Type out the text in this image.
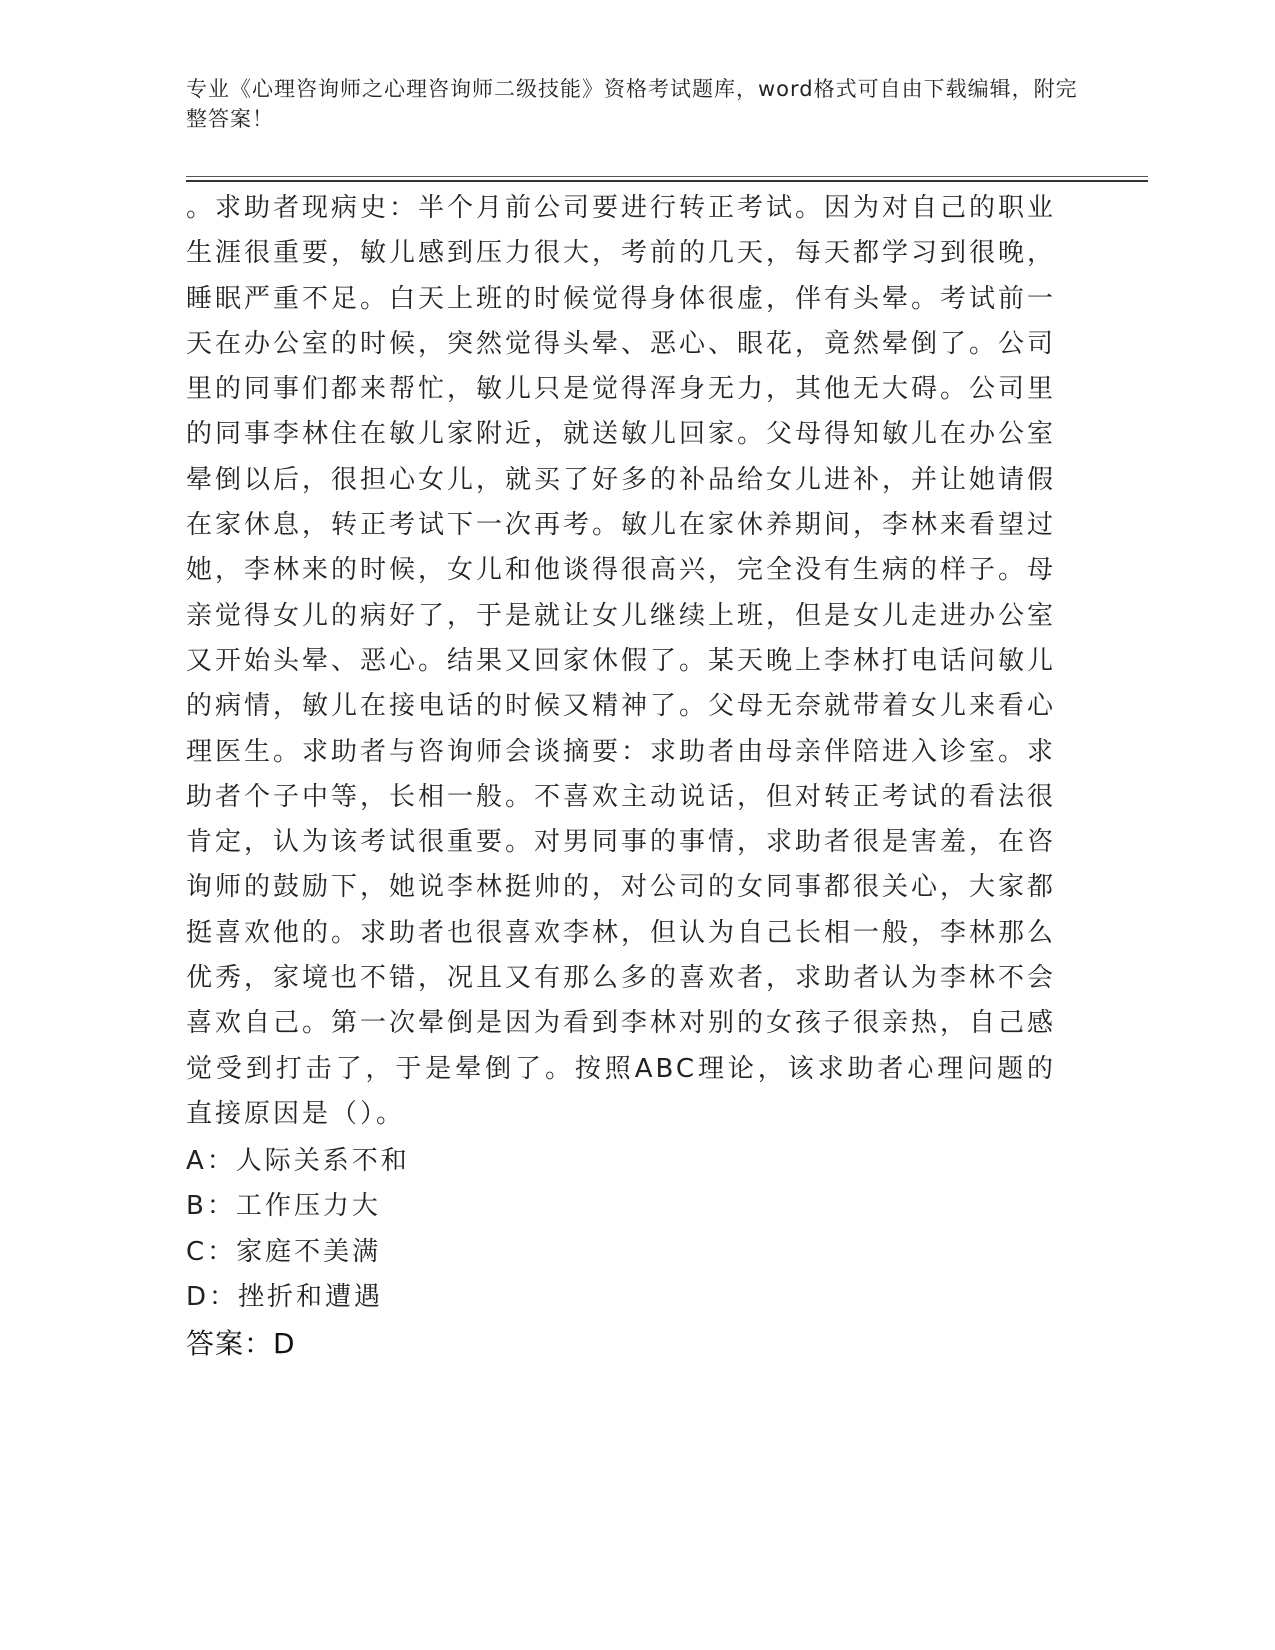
专业《心理咨询师之心理咨询师二级技能》资格考试题库，word格式可自由下载编辑，附完整答案！
。求助者现病史：半个月前公司要进行转正考试。因为对自己的职业生涯很重要，敏儿感到压力很大，考前的几天，每天都学习到很晚，睡眠严重不足。白天上班的时候觉得身体很虚，伴有头晕。考试前一天在办公室的时候，突然觉得头晕、恶心、眼花，竟然晕倒了。公司里的同事们都来帮忙，敏儿只是觉得浑身无力，其他无大碍。公司里的同事李林住在敏儿家附近，就送敏儿回家。父母得知敏儿在办公室晕倒以后，很担心女儿，就买了好多的补品给女儿进补，并让她请假在家休息，转正考试下一次再考。敏儿在家休养期间，李林来看望过她，李林来的时候，女儿和他谈得很高兴，完全没有生病的样子。母亲觉得女儿的病好了，于是就让女儿继续上班，但是女儿走进办公室又开始头晕、恶心。结果又回家休假了。某天晚上李林打电话问敏儿的病情，敏儿在接电话的时候又精神了。父母无奈就带着女儿来看心理医生。求助者与咨询师会谈摘要：求助者由母亲伴陪进入诊室。求助者个子中等，长相一般。不喜欢主动说话，但对转正考试的看法很肯定，认为该考试很重要。对男同事的事情，求助者很是害羞，在咨询师的鼓励下，她说李林挺帅的，对公司的女同事都很关心，大家都挺喜欢他的。求助者也很喜欢李林，但认为自己长相一般，李林那么优秀，家境也不错，况且又有那么多的喜欢者，求助者认为李林不会喜欢自己。第一次晕倒是因为看到李林对别的女孩子很亲热，自己感觉受到打击了，于是晕倒了。按照ABC理论，该求助者心理问题的直接原因是（）。
A：人际关系不和
B：工作压力大
C：家庭不美满
D：挫折和遭遇
答案：D
